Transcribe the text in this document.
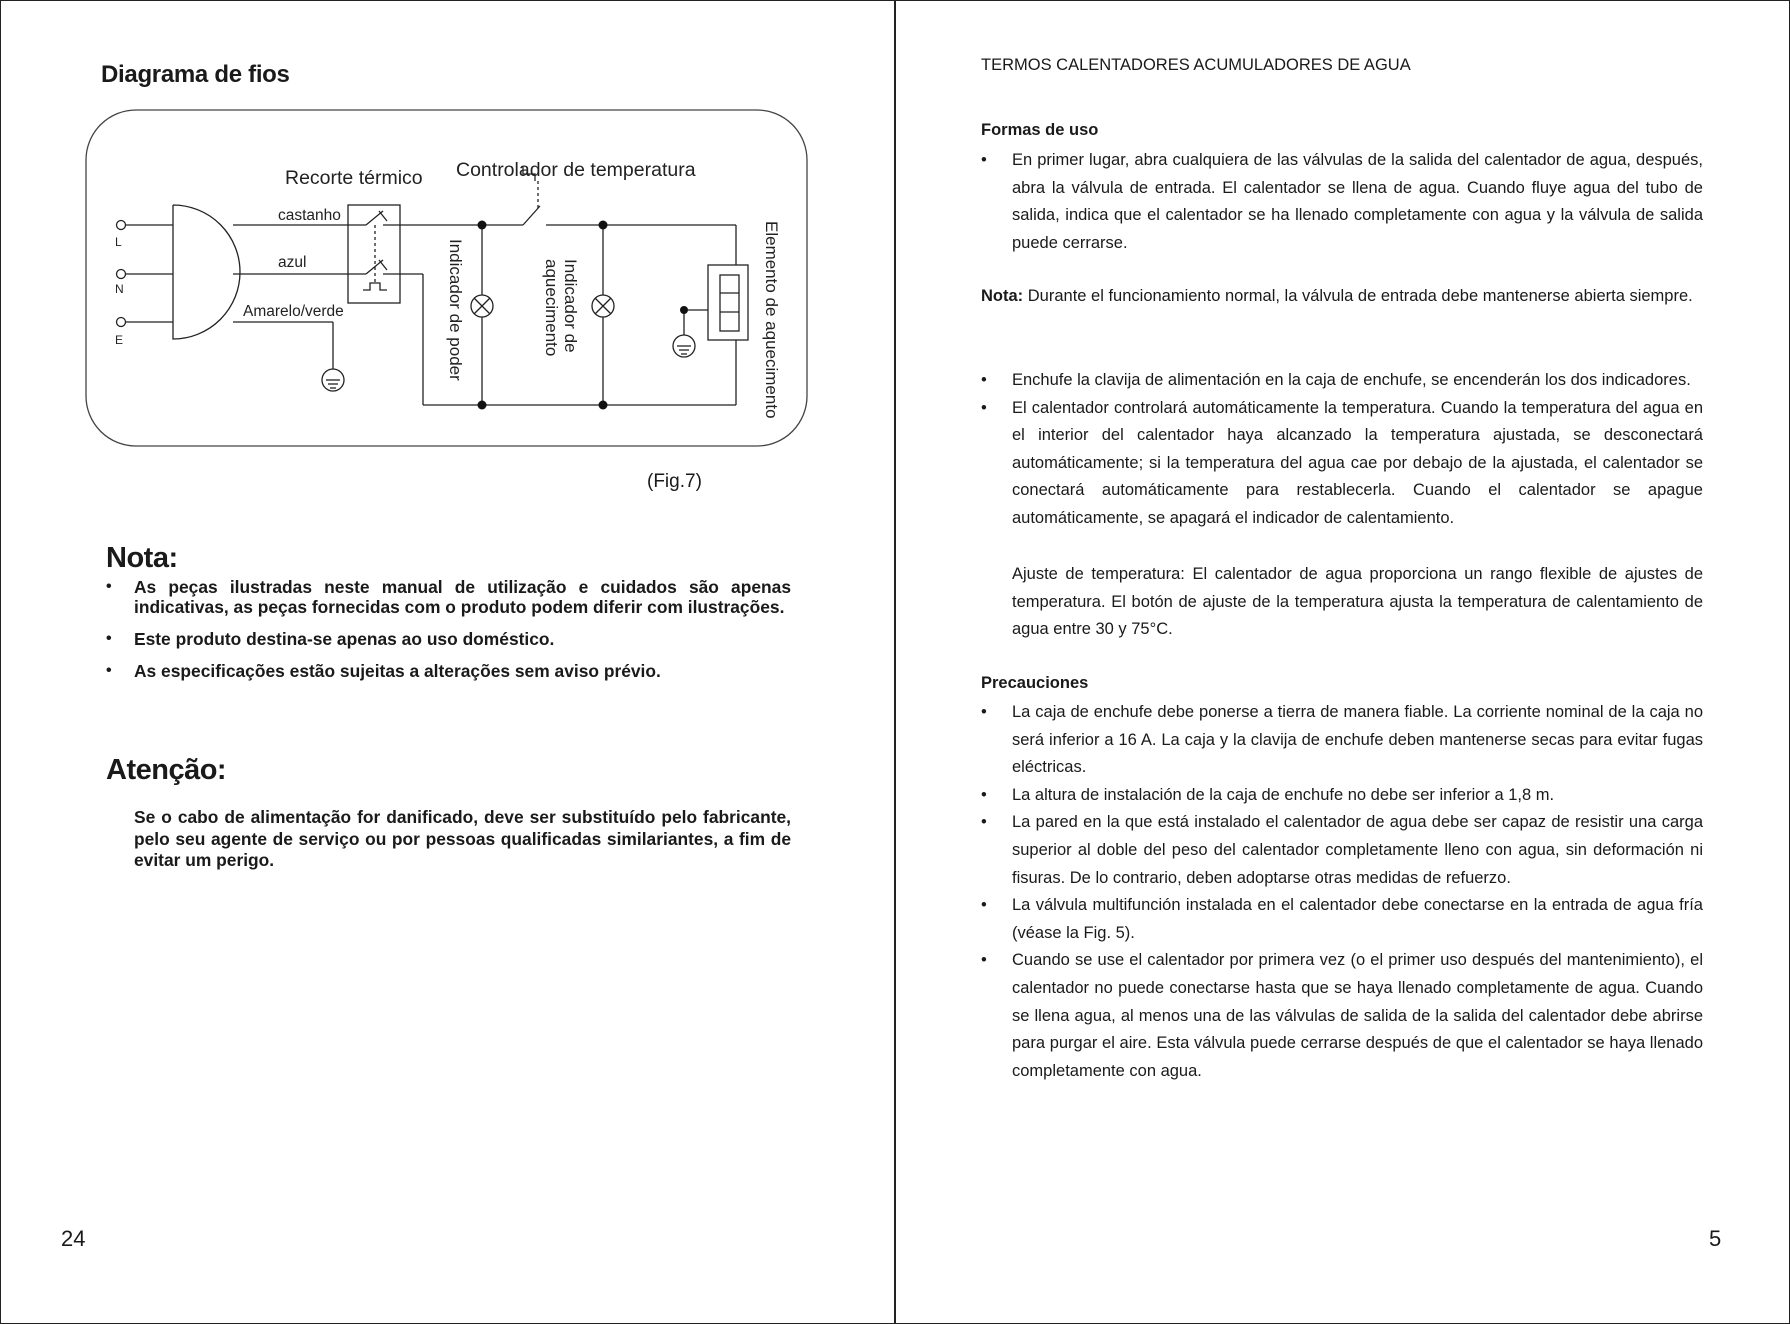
Diagrama de fios
Recorte térmico Controlador de temperatura
castanho
azul
Amarelo/verde
L
N
E	Indicador de poder	Indicador de
aquecimento	Elemento de aquecimento
(Fig.7)
Nota:
• As peças ilustradas neste manual de utilização e cuidados são apenas indicativas, as peças fornecidas com o produto podem diferir com ilustrações.
• Este produto destina-se apenas ao uso doméstico.
• As especificações estão sujeitas a alterações sem aviso prévio.
Atenção:

Se o cabo de alimentação for danificado, deve ser substituído pelo fabricante, pelo seu agente de serviço ou por pessoas qualificadas similariantes, a fim de evitar um perigo.

24
TERMOS CALENTADORES ACUMULADORES DE AGUA
Formas de uso
• En primer lugar, abra cualquiera de las válvulas de la salida del calentador de agua, después, abra la válvula de entrada. El calentador se llena de agua. Cuando fluye agua del tubo de salida, indica que el calentador se ha llenado completamente con agua y la válvula de salida puede cerrarse.

Nota: Durante el funcionamiento normal, la válvula de entrada debe mantenerse abierta siempre.

• Enchufe la clavija de alimentación en la caja de enchufe, se encenderán los dos indicadores.
• El calentador controlará automáticamente la temperatura. Cuando la temperatura del agua en el interior del calentador haya alcanzado la temperatura ajustada, se desconectará automáticamente; si la temperatura del agua cae por debajo de la ajustada, el calentador se conectará automáticamente para restablecerla. Cuando el calentador se apague automáticamente, se apagará el indicador de calentamiento.

Ajuste de temperatura: El calentador de agua proporciona un rango flexible de ajustes de temperatura. El botón de ajuste de la temperatura ajusta la temperatura de calentamiento de agua entre 30 y 75°C.

Precauciones
• La caja de enchufe debe ponerse a tierra de manera fiable. La corriente nominal de la caja no será inferior a 16 A. La caja y la clavija de enchufe deben mantenerse secas para evitar fugas eléctricas.
• La altura de instalación de la caja de enchufe no debe ser inferior a 1,8 m.
• La pared en la que está instalado el calentador de agua debe ser capaz de resistir una carga superior al doble del peso del calentador completamente lleno con agua, sin deformación ni fisuras. De lo contrario, deben adoptarse otras medidas de refuerzo.
• La válvula multifunción instalada en el calentador debe conectarse en la entrada de agua fría (véase la Fig. 5).
• Cuando se use el calentador por primera vez (o el primer uso después del mantenimiento), el calentador no puede conectarse hasta que se haya llenado completamente de agua. Cuando se llena agua, al menos una de las válvulas de salida de la salida del calentador debe abrirse para purgar el aire. Esta válvula puede cerrarse después de que el calentador se haya llenado completamente con agua.
5
